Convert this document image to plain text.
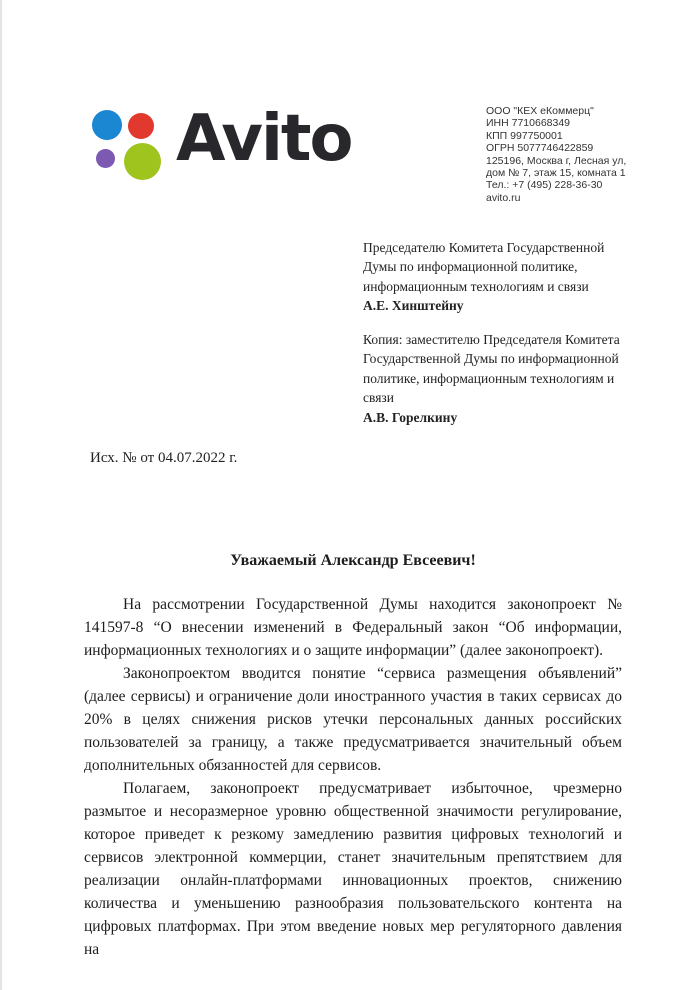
Avito	ООО "КЕХ еКоммерц"
ИНН 7710668349
КПП 997750001
ОГРН 5077746422859
125196, Москва г, Лесная ул,
дом № 7, этаж 15, комната 1
Тел.: +7 (495) 228-36-30
avito.ru
Председателю Комитета Государственной
Думы по информационной политике,
информационным технологиям и связи
А.Е. Хинштейну
Копия: заместителю Председателя Комитета
Государственной Думы по информационной
политике, информационным технологиям и
связи
А.В. Горелкину
Исх. № от 04.07.2022 г.
Уважаемый Александр Евсеевич!

На рассмотрении Государственной Думы находится законопроект № 141597-8 “О внесении изменений в Федеральный закон “Об информации, информационных технологиях и о защите информации” (далее законопроект).

Законопроектом вводится понятие “сервиса размещения объявлений” (далее сервисы) и ограничение доли иностранного участия в таких сервисах до 20% в целях снижения рисков утечки персональных данных российских пользователей за границу, а также предусматривается значительный объем дополнительных обязанностей для сервисов.

Полагаем, законопроект предусматривает избыточное, чрезмерно размытое и несоразмерное уровню общественной значимости регулирование, которое приведет к резкому замедлению развития цифровых технологий и сервисов электронной коммерции, станет значительным препятствием для реализации онлайн-платформами инновационных проектов, снижению количества и уменьшению разнообразия пользовательского контента на цифровых платформах. При этом введение новых мер регуляторного давления на
